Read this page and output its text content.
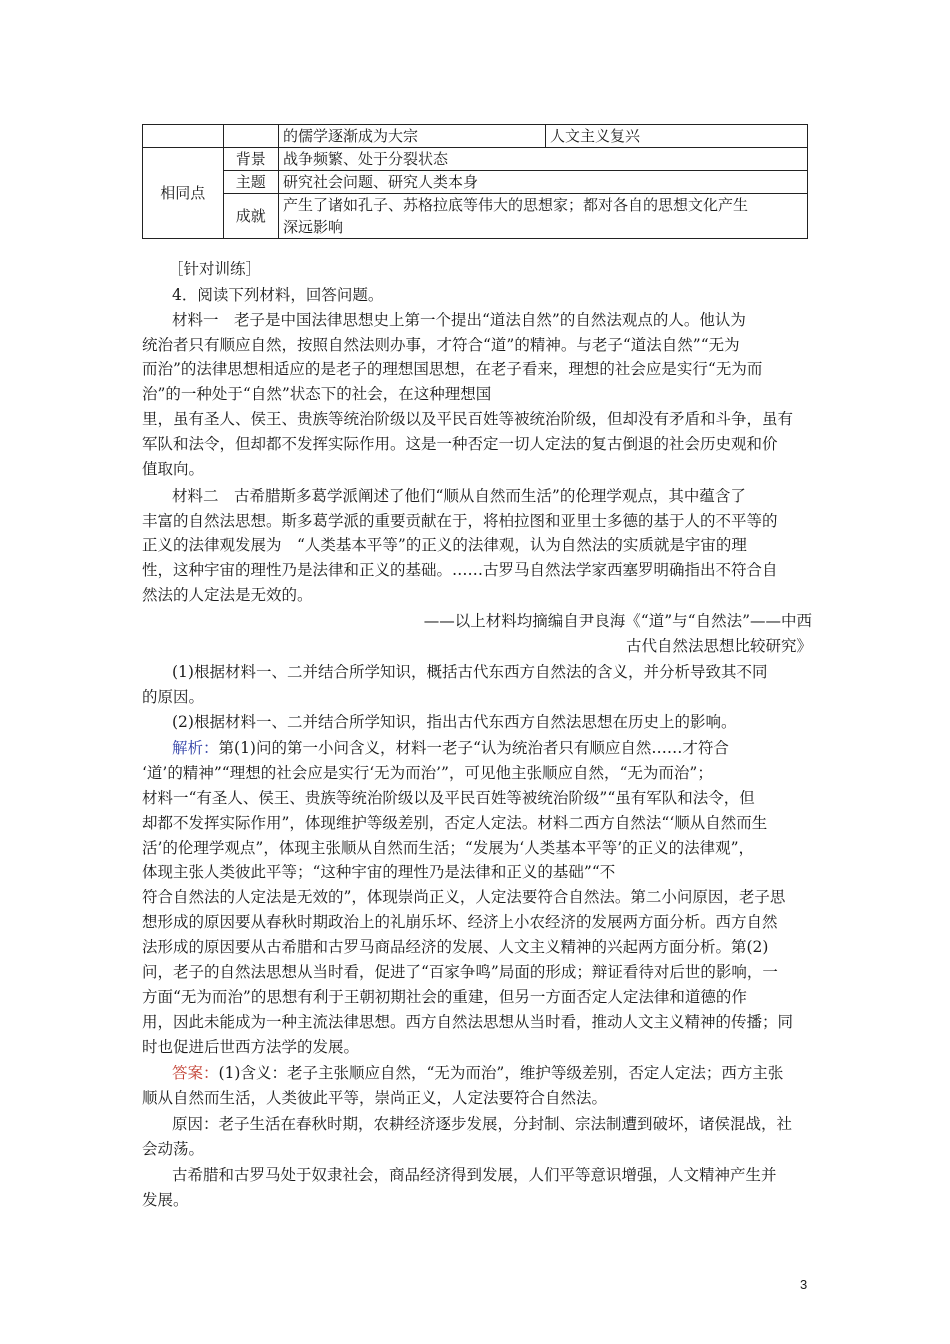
		的儒学逐渐成为大宗	人文主义复兴
相同点	背景	战争频繁、处于分裂状态	
	主题	研究社会问题、研究人类本身	
	成就	产生了诸如孔子、苏格拉底等伟大的思想家；都对各自的思想文化产生
深远影响	
［针对训练］
4．阅读下列材料，回答问题。
材料一　老子是中国法律思想史上第一个提出“道法自然”的自然法观点的人。他认为
统治者只有顺应自然，按照自然法则办事，才符合“道”的精神。与老子“道法自然”“无为
而治”的法律思想相适应的是老子的理想国思想，在老子看来，理想的社会应是实行“无为而
治”的一种处于“自然”状态下的社会，在这种理想国
里，虽有圣人、侯王、贵族等统治阶级以及平民百姓等被统治阶级，但却没有矛盾和斗争，虽有
军队和法令，但却都不发挥实际作用。这是一种否定一切人定法的复古倒退的社会历史观和价
值取向。
材料二　古希腊斯多葛学派阐述了他们“顺从自然而生活”的伦理学观点，其中蕴含了
丰富的自然法思想。斯多葛学派的重要贡献在于，将柏拉图和亚里士多德的基于人的不平等的
正义的法律观发展为　“人类基本平等”的正义的法律观，认为自然法的实质就是宇宙的理
性，这种宇宙的理性乃是法律和正义的基础。……古罗马自然法学家西塞罗明确指出不符合自
然法的人定法是无效的。
——以上材料均摘编自尹良海《“道”与“自然法”——中西
古代自然法思想比较研究》
(1)根据材料一、二并结合所学知识，概括古代东西方自然法的含义，并分析导致其不同
的原因。
(2)根据材料一、二并结合所学知识，指出古代东西方自然法思想在历史上的影响。
解析：第(1)问的第一小问含义，材料一老子“认为统治者只有顺应自然……才符合
‘道’的精神”“理想的社会应是实行‘无为而治’”，可见他主张顺应自然，“无为而治”；
材料一“有圣人、侯王、贵族等统治阶级以及平民百姓等被统治阶级”“虽有军队和法令，但
却都不发挥实际作用”，体现维护等级差别，否定人定法。材料二西方自然法“‘顺从自然而生
活’的伦理学观点”，体现主张顺从自然而生活；“发展为‘人类基本平等’的正义的法律观”，
体现主张人类彼此平等；“这种宇宙的理性乃是法律和正义的基础”“不
符合自然法的人定法是无效的”，体现崇尚正义，人定法要符合自然法。第二小问原因，老子思
想形成的原因要从春秋时期政治上的礼崩乐坏、经济上小农经济的发展两方面分析。西方自然
法形成的原因要从古希腊和古罗马商品经济的发展、人文主义精神的兴起两方面分析。第(2)
问，老子的自然法思想从当时看，促进了“百家争鸣”局面的形成；辩证看待对后世的影响，一
方面“无为而治”的思想有利于王朝初期社会的重建，但另一方面否定人定法律和道德的作
用，因此未能成为一种主流法律思想。西方自然法思想从当时看，推动人文主义精神的传播；同
时也促进后世西方法学的发展。
答案：(1)含义：老子主张顺应自然，“无为而治”，维护等级差别，否定人定法；西方主张
顺从自然而生活，人类彼此平等，崇尚正义，人定法要符合自然法。
原因：老子生活在春秋时期，农耕经济逐步发展，分封制、宗法制遭到破坏，诸侯混战，社
会动荡。
古希腊和古罗马处于奴隶社会，商品经济得到发展，人们平等意识增强，人文精神产生并
发展。
3
